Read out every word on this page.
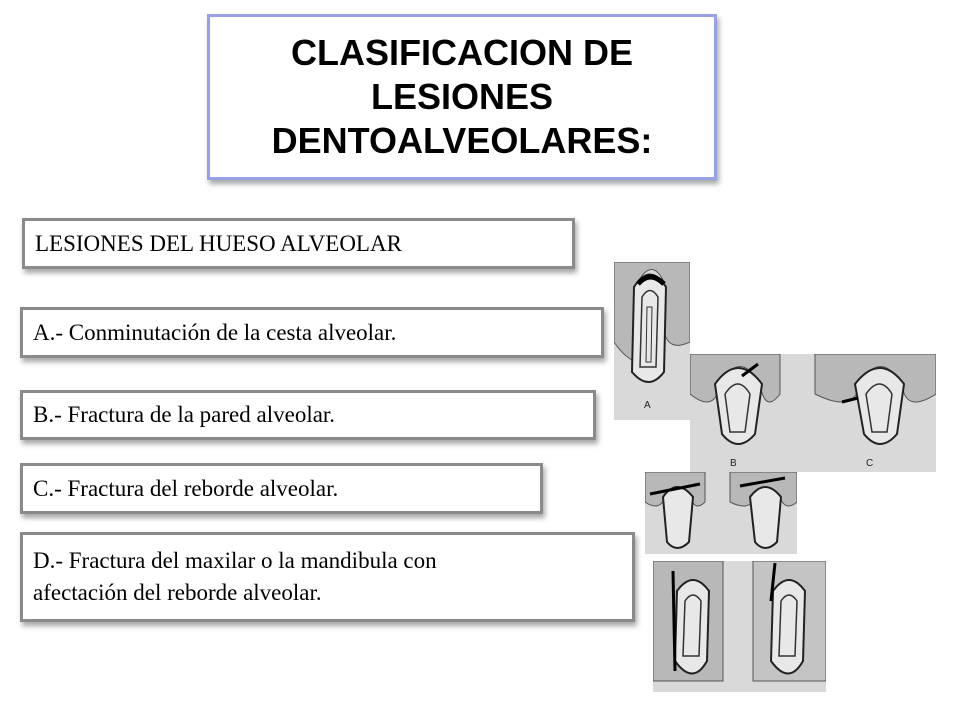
CLASIFICACION DE
LESIONES
DENTOALVEOLARES:
LESIONES DEL HUESO ALVEOLAR
A.- Conminutación de la cesta alveolar.
B.- Fractura de la pared alveolar.
C.- Fractura del reborde alveolar.
D.- Fractura del maxilar o la mandibula con
afectación del reborde alveolar.
A
B	C
